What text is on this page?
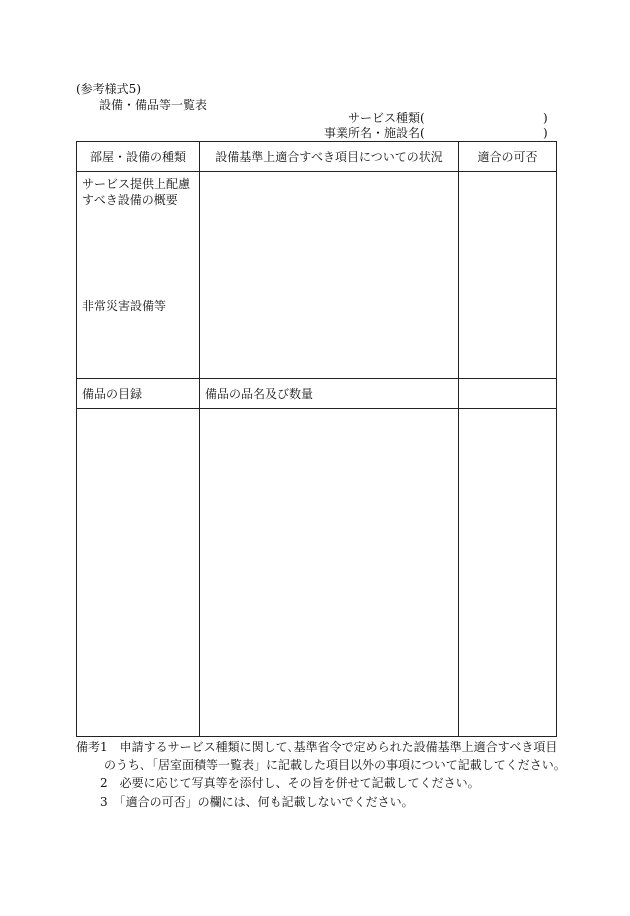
(参考様式5)
設備・備品等一覧表
サービス種類(	)
事業所名・施設名(	)
部屋・設備の種類	設備基準上適合すべき項目についての状況	適合の可否

サービス提供上配慮
すべき設備の概要
非常災害設備等		

備品の目録	備品の品名及び数量	

備考1　申請するサービス種類に関して､基準省令で定められた設備基準上適合すべき項目
のうち､「居室面積等一覧表」に記載した項目以外の事項について記載してください。
2　必要に応じて写真等を添付し、その旨を併せて記載してください。
3　「適合の可否」の欄には、何も記載しないでください。
